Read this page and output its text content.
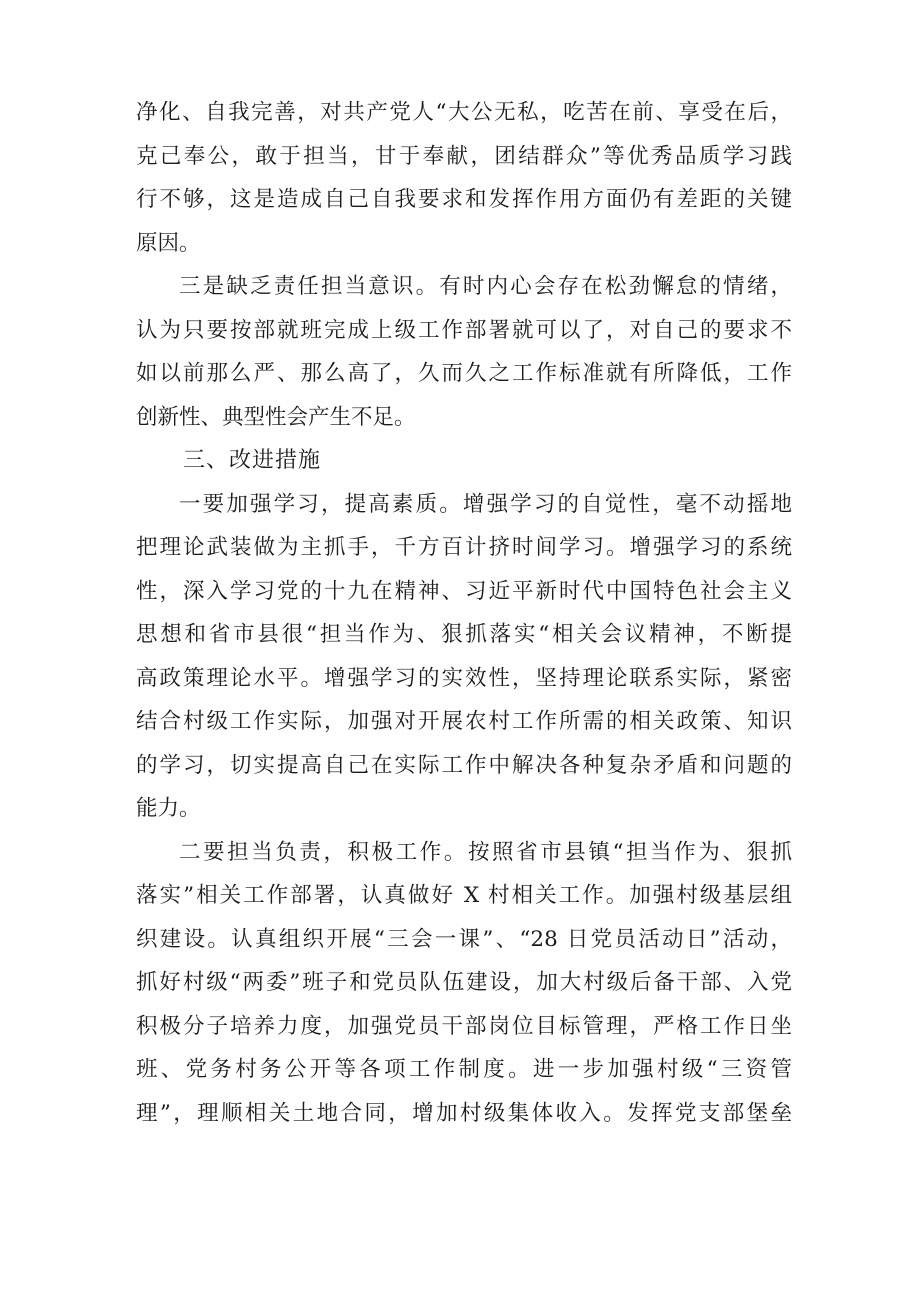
净化、自我完善，对共产党人“大公无私，吃苦在前、享受在后，
克己奉公，敢于担当，甘于奉献，团结群众”等优秀品质学习践
行不够，这是造成自己自我要求和发挥作用方面仍有差距的关键
原因。
三是缺乏责任担当意识。有时内心会存在松劲懈怠的情绪，
认为只要按部就班完成上级工作部署就可以了，对自己的要求不
如以前那么严、那么高了，久而久之工作标准就有所降低，工作
创新性、典型性会产生不足。
三、改进措施
一要加强学习，提高素质。增强学习的自觉性，毫不动摇地
把理论武装做为主抓手，千方百计挤时间学习。增强学习的系统
性，深入学习党的十九在精神、习近平新时代中国特色社会主义
思想和省市县很“担当作为、狠抓落实“相关会议精神，不断提
高政策理论水平。增强学习的实效性，坚持理论联系实际，紧密
结合村级工作实际，加强对开展农村工作所需的相关政策、知识
的学习，切实提高自己在实际工作中解决各种复杂矛盾和问题的
能力。
二要担当负责，积极工作。按照省市县镇“担当作为、狠抓
落实”相关工作部署，认真做好 X 村相关工作。加强村级基层组
织建设。认真组织开展“三会一课”、“28 日党员活动日”活动，
抓好村级“两委”班子和党员队伍建设，加大村级后备干部、入党
积极分子培养力度，加强党员干部岗位目标管理，严格工作日坐
班、党务村务公开等各项工作制度。进一步加强村级“三资管
理”，理顺相关土地合同，增加村级集体收入。发挥党支部堡垒
